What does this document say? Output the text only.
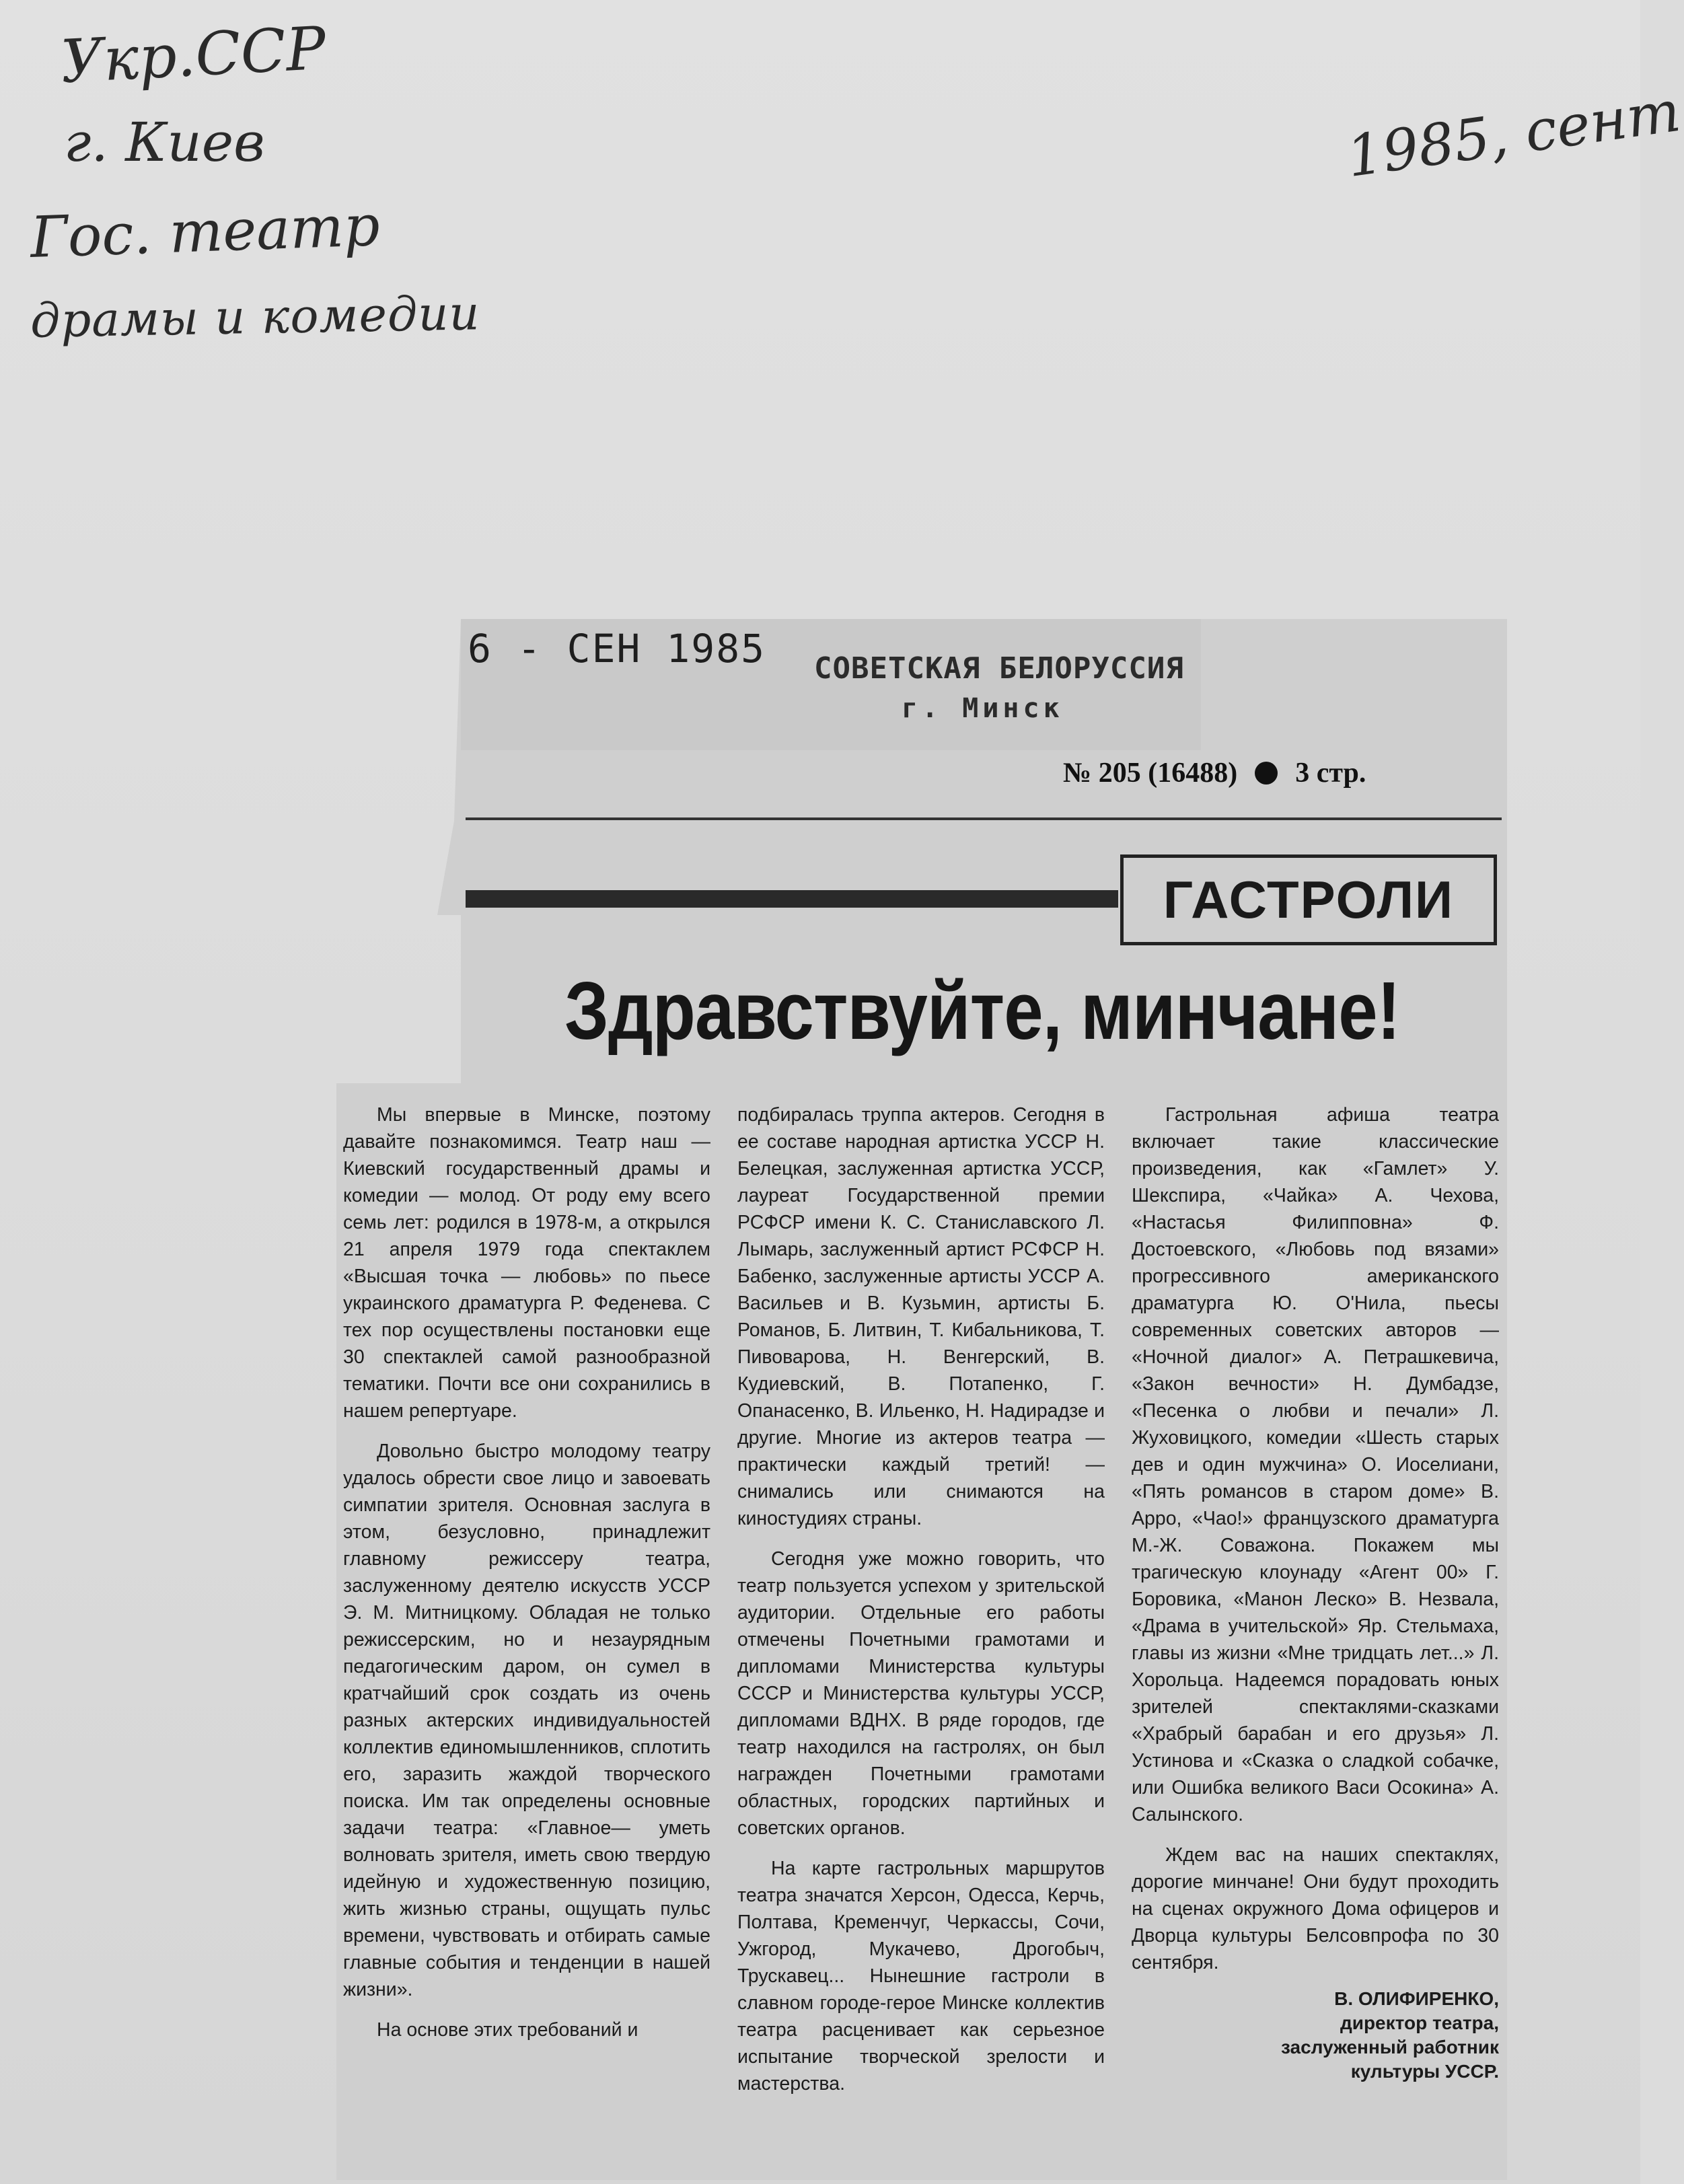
Укр.ССР
г. Киев
Гос. театр
драмы и комедии
1985, сент
6 - СЕН 1985 СОВЕТСКАЯ БЕЛОРУССИЯ
г. Минск
№ 205 (16488) 3 стр.
ГАСТРОЛИ
Здравствуйте, минчане!

Мы впервые в Минске, поэтому давайте познакомимся. Театр наш — Киевский государственный драмы и комедии — молод. От роду ему всего семь лет: родился в 1978-м, а открылся 21 апреля 1979 года спектаклем «Высшая точка — любовь» по пьесе украинского драматурга Р. Феденева. С тех пор осуществлены постановки еще 30 спектаклей самой разнообразной тематики. Почти все они сохранились в нашем репертуаре.

Довольно быстро молодому театру удалось обрести свое лицо и завоевать симпатии зрителя. Основная заслуга в этом, безусловно, принадлежит главному режиссеру театра, заслуженному деятелю искусств УССР Э. М. Митницкому. Обладая не только режиссерским, но и незаурядным педагогическим даром, он сумел в кратчайший срок создать из очень разных актерских индивидуальностей коллектив единомышленников, сплотить его, заразить жаждой творческого поиска. Им так определены основные задачи театра: «Главное— уметь волновать зрителя, иметь свою твердую идейную и художественную позицию, жить жизнью страны, ощущать пульс времени, чувствовать и отбирать самые главные события и тенденции в нашей жизни».

На основе этих требований и

подбиралась труппа актеров. Сегодня в ее составе народная артистка УССР Н. Белецкая, заслуженная артистка УССР, лауреат Государственной премии РСФСР имени К. С. Станиславского Л. Лымарь, заслуженный артист РСФСР Н. Бабенко, заслуженные артисты УССР А. Васильев и В. Кузьмин, артисты Б. Романов, Б. Литвин, Т. Кибальникова, Т. Пивоварова, Н. Венгерский, В. Кудиевский, В. Потапенко, Г. Опанасенко, В. Ильенко, Н. Надирадзе и другие. Многие из актеров театра — практически каждый третий! — снимались или снимаются на киностудиях страны.

Сегодня уже можно говорить, что театр пользуется успехом у зрительской аудитории. Отдельные его работы отмечены Почетными грамотами и дипломами Министерства культуры СССР и Министерства культуры УССР, дипломами ВДНХ. В ряде городов, где театр находился на гастролях, он был награжден Почетными грамотами областных, городских партийных и советских органов.

На карте гастрольных маршрутов театра значатся Херсон, Одесса, Керчь, Полтава, Кременчуг, Черкассы, Сочи, Ужгород, Мукачево, Дрогобыч, Трускавец... Нынешние гастроли в славном городе-герое Минске коллектив театра расценивает как серьезное испытание творческой зрелости и мастерства.

Гастрольная афиша театра включает такие классические произведения, как «Гамлет» У. Шекспира, «Чайка» А. Чехова, «Настасья Филипповна» Ф. Достоевского, «Любовь под вязами» прогрессивного американского драматурга Ю. О'Нила, пьесы современных советских авторов — «Ночной диалог» А. Петрашкевича, «Закон вечности» Н. Думбадзе, «Песенка о любви и печали» Л. Жуховицкого, комедии «Шесть старых дев и один мужчина» О. Иоселиани, «Пять романсов в старом доме» В. Арро, «Чао!» французского драматурга М.-Ж. Соважона. Покажем мы трагическую клоунаду «Агент 00» Г. Боровика, «Манон Леско» В. Незвала, «Драма в учительской» Яр. Стельмаха, главы из жизни «Мне тридцать лет...» Л. Хорольца. Надеемся порадовать юных зрителей спектаклями-сказками «Храбрый барабан и его друзья» Л. Устинова и «Сказка о сладкой собачке, или Ошибка великого Васи Осокина» А. Салынского.

Ждем вас на наших спектаклях, дорогие минчане! Они будут проходить на сценах окружного Дома офицеров и Дворца культуры Белсовпрофа по 30 сентября.

В. ОЛИФИРЕНКО,
директор театра,
заслуженный работник
культуры УССР.
